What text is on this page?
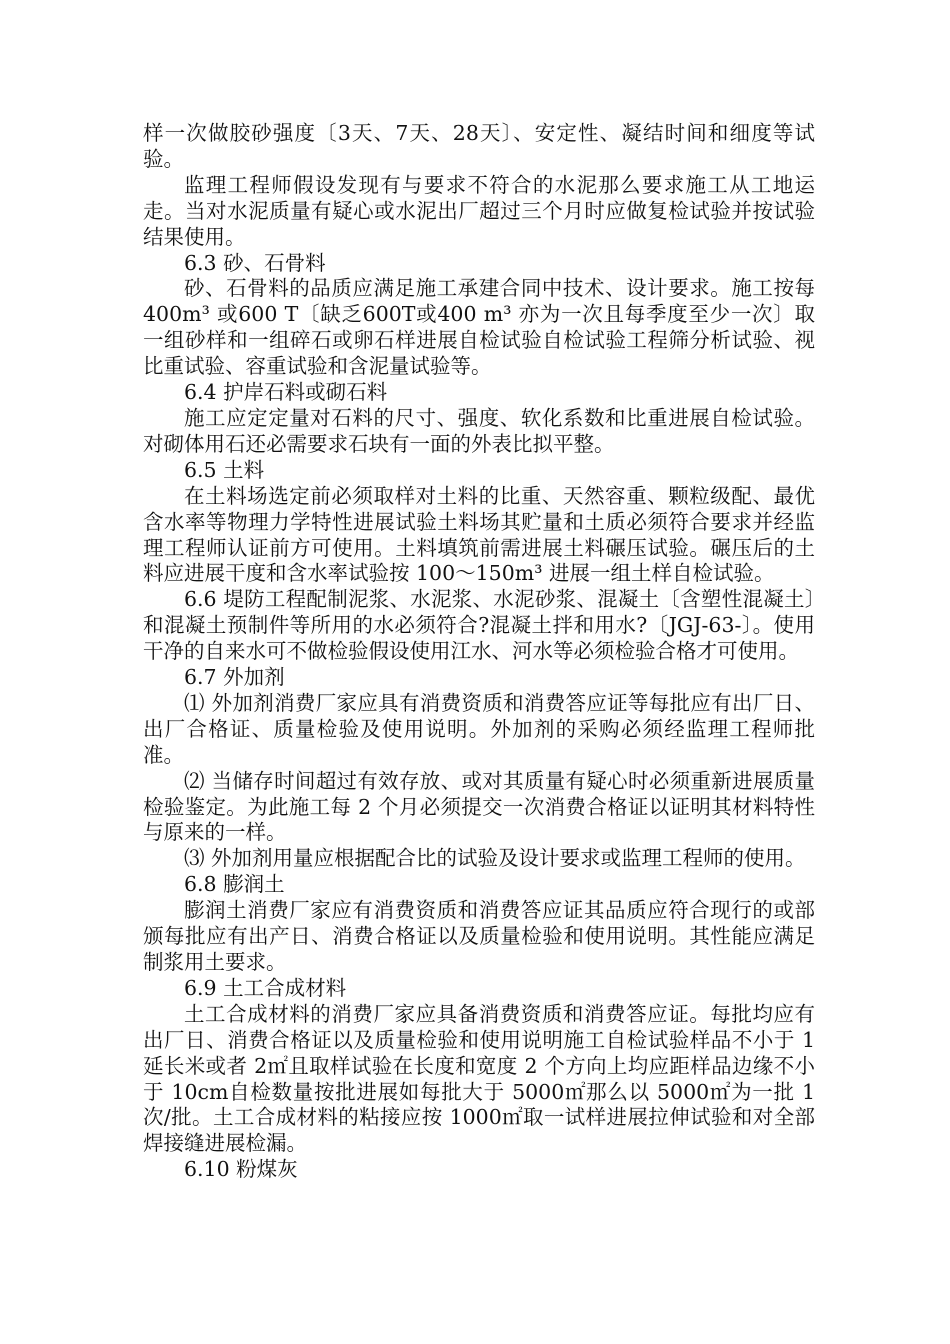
样一次做胶砂强度〔3天、7天、28天〕、安定性、凝结时间和细度等试验。

监理工程师假设发现有与要求不符合的水泥那么要求施工从工地运走。当对水泥质量有疑心或水泥出厂超过三个月时应做复检试验并按试验结果使用。

6.3 砂、石骨料

砂、石骨料的品质应满足施工承建合同中技术、设计要求。施工按每400m³ 或600 T〔缺乏600T或400 m³ 亦为一次且每季度至少一次〕取一组砂样和一组碎石或卵石样进展自检试验自检试验工程筛分析试验、视比重试验、容重试验和含泥量试验等。

6.4 护岸石料或砌石料

施工应定定量对石料的尺寸、强度、软化系数和比重进展自检试验。对砌体用石还必需要求石块有一面的外表比拟平整。

6.5 土料

在土料场选定前必须取样对土料的比重、天然容重、颗粒级配、最优含水率等物理力学特性进展试验土料场其贮量和土质必须符合要求并经监理工程师认证前方可使用。土料填筑前需进展土料碾压试验。碾压后的土料应进展干度和含水率试验按 100～150m³ 进展一组土样自检试验。

6.6 堤防工程配制泥浆、水泥浆、水泥砂浆、混凝土〔含塑性混凝土〕和混凝土预制件等所用的水必须符合?混凝土拌和用水?〔JGJ-63-〕。使用干净的自来水可不做检验假设使用江水、河水等必须检验合格才可使用。

6.7 外加剂

⑴ 外加剂消费厂家应具有消费资质和消费答应证等每批应有出厂日、出厂合格证、质量检验及使用说明。外加剂的采购必须经监理工程师批准。

⑵ 当储存时间超过有效存放、或对其质量有疑心时必须重新进展质量检验鉴定。为此施工每 2 个月必须提交一次消费合格证以证明其材料特性与原来的一样。

⑶ 外加剂用量应根据配合比的试验及设计要求或监理工程师的使用。

6.8 膨润土

膨润土消费厂家应有消费资质和消费答应证其品质应符合现行的或部颁每批应有出产日、消费合格证以及质量检验和使用说明。其性能应满足制浆用土要求。

6.9 土工合成材料

土工合成材料的消费厂家应具备消费资质和消费答应证。每批均应有出厂日、消费合格证以及质量检验和使用说明施工自检试验样品不小于 1 延长米或者 2㎡且取样试验在长度和宽度 2 个方向上均应距样品边缘不小于 10cm自检数量按批进展如每批大于 5000㎡那么以 5000㎡为一批 1 次/批。土工合成材料的粘接应按 1000㎡取一试样进展拉伸试验和对全部焊接缝进展检漏。

6.10 粉煤灰
